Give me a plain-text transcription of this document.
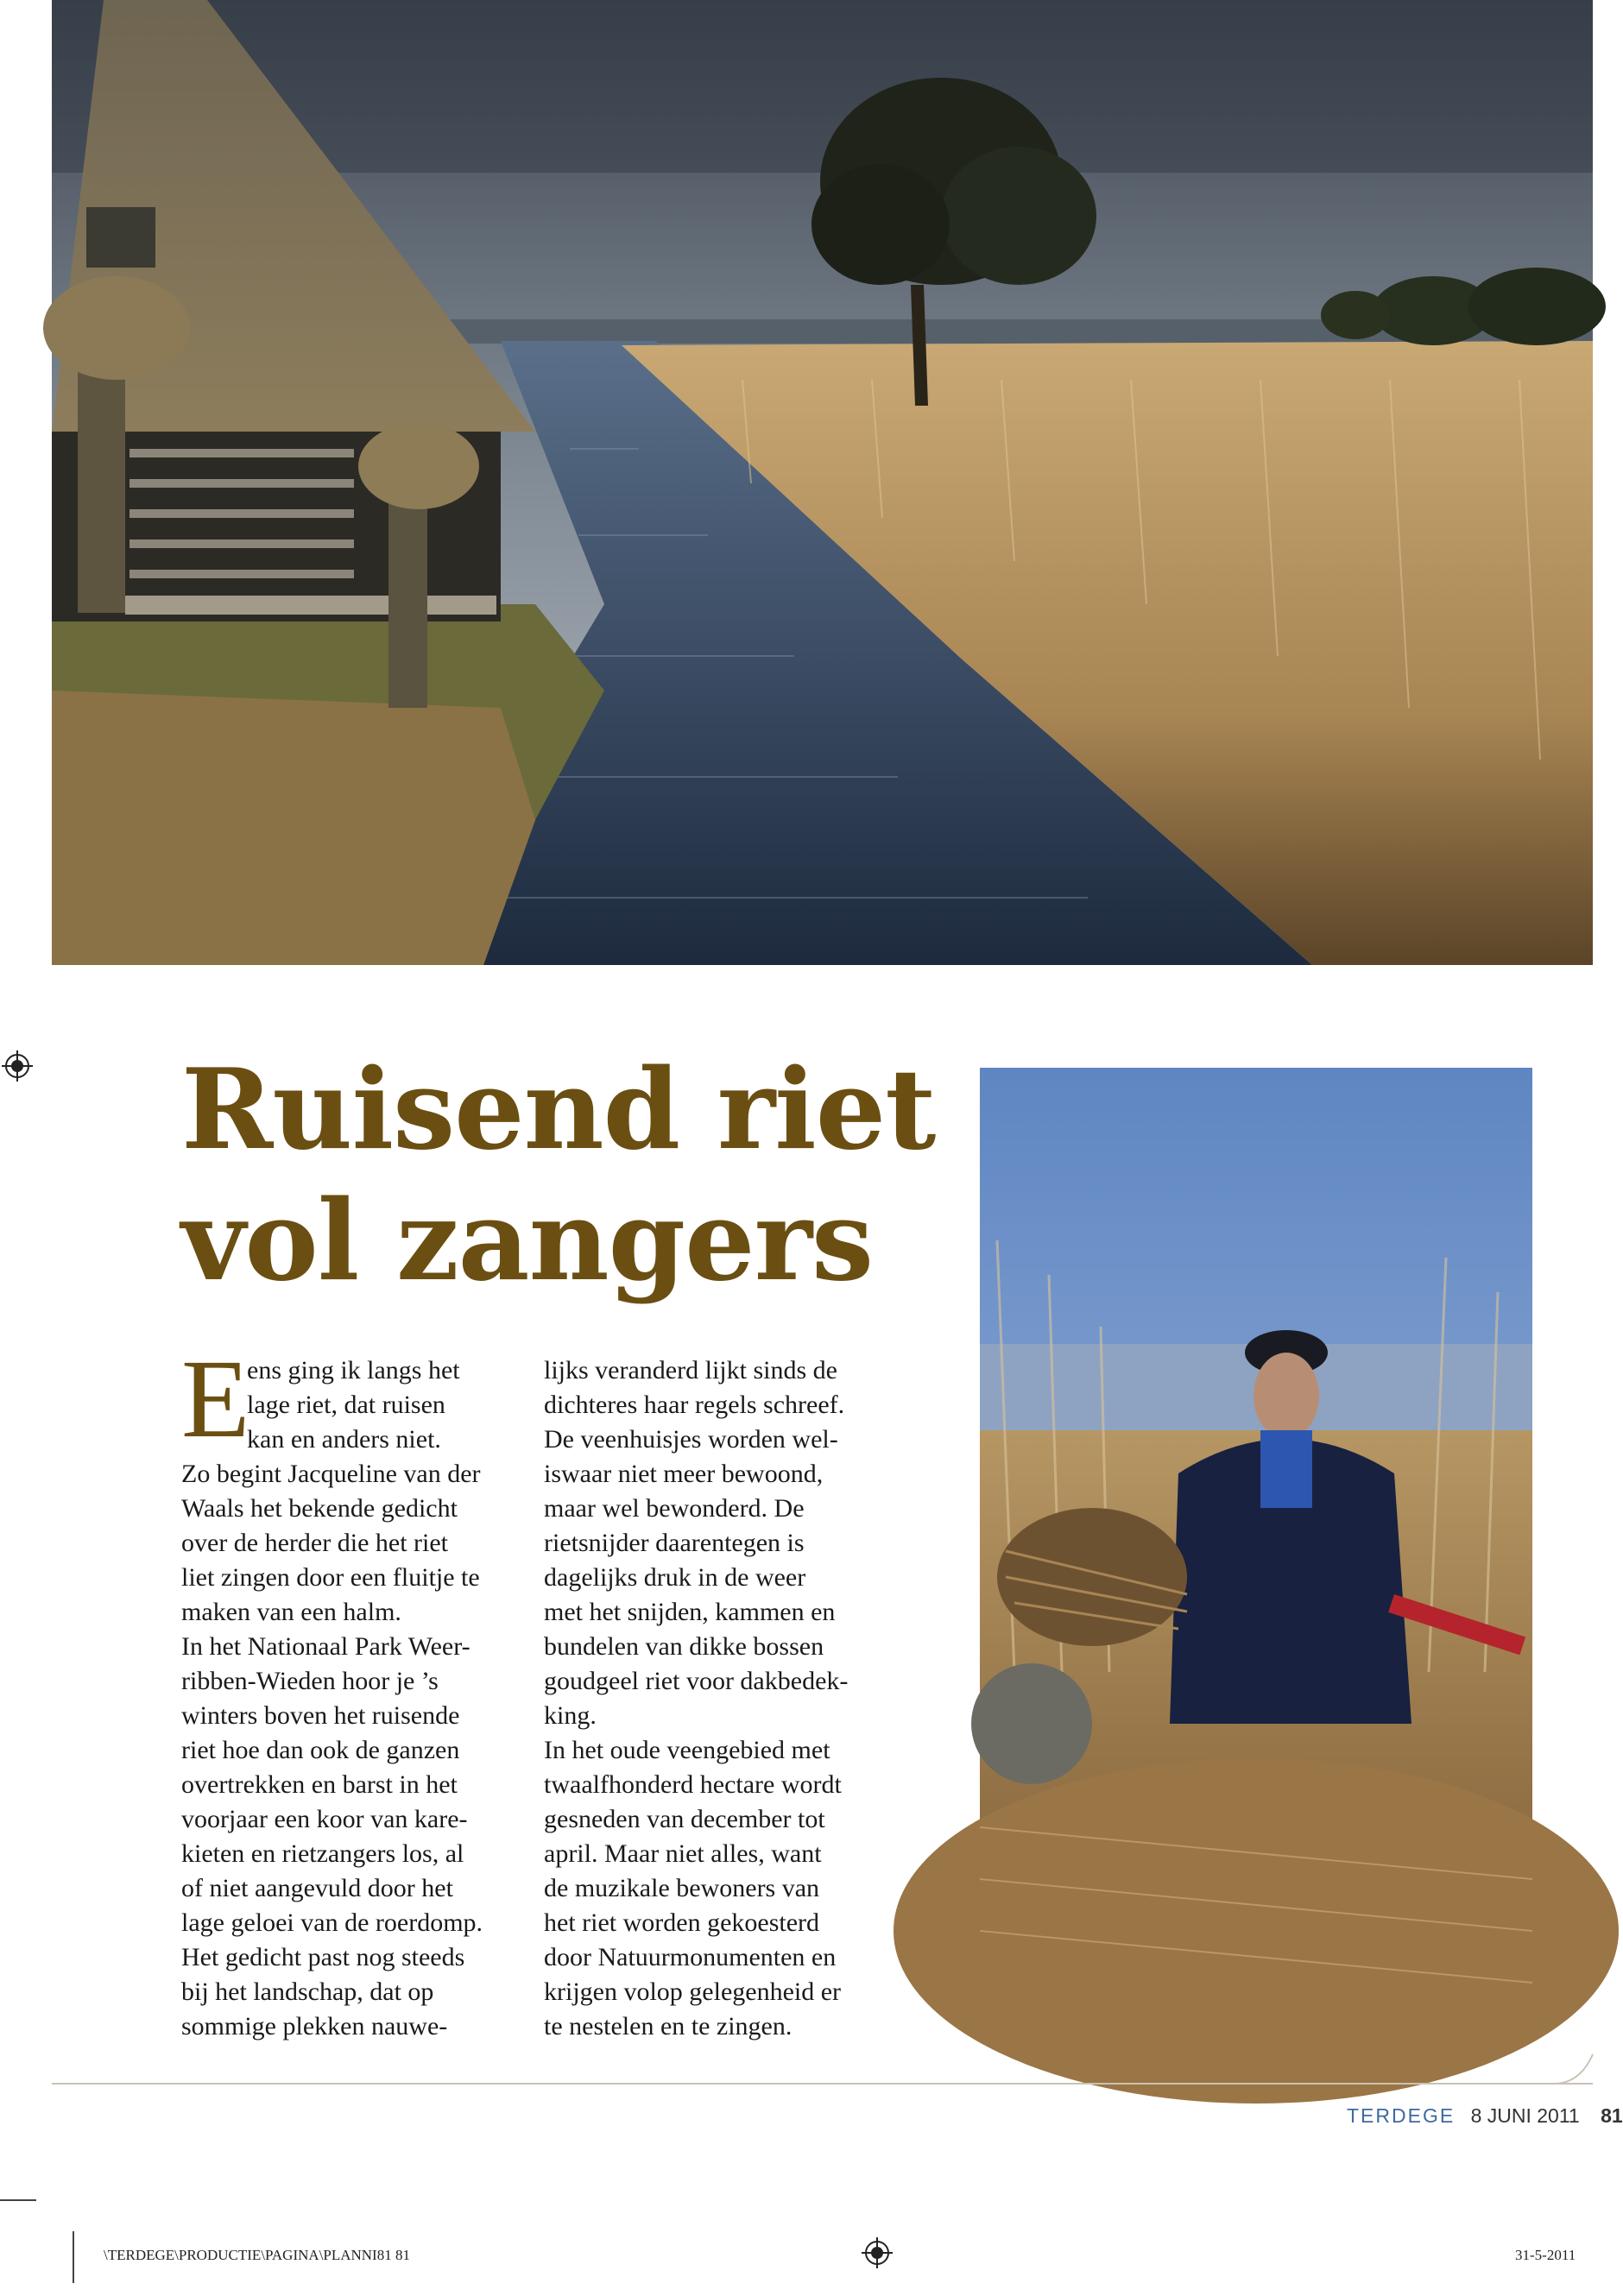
Ruisend riet
vol zangers
E
ens ging ik langs het
lage riet, dat ruisen
kan en anders niet.
Zo begint Jacqueline van der
Waals het bekende gedicht
over de herder die het riet
liet zingen door een fluitje te
maken van een halm.
In het Nationaal Park Weer-
ribben-Wieden hoor je ’s
winters boven het ruisende
riet hoe dan ook de ganzen
overtrekken en barst in het
voorjaar een koor van kare-
kieten en rietzangers los, al
of niet aangevuld door het
lage geloei van de roerdomp.
Het gedicht past nog steeds
bij het landschap, dat op
sommige plekken nauwe-
lijks veranderd lijkt sinds de
dichteres haar regels schreef.
De veenhuisjes worden wel-
iswaar niet meer bewoond,
maar wel bewonderd. De
rietsnijder daarentegen is
dagelijks druk in de weer
met het snijden, kammen en
bundelen van dikke bossen
goudgeel riet voor dakbedek-
king.
In het oude veengebied met
twaalfhonderd hectare wordt
gesneden van december tot
april. Maar niet alles, want
de muzikale bewoners van
het riet worden gekoesterd
door Natuurmonumenten en
krijgen volop gelegenheid er
te nestelen en te zingen.
TERDEGE 8 JUNI 2011 81
\TERDEGE\PRODUCTIE\PAGINA\PLANNI81 81	31-5-2011
